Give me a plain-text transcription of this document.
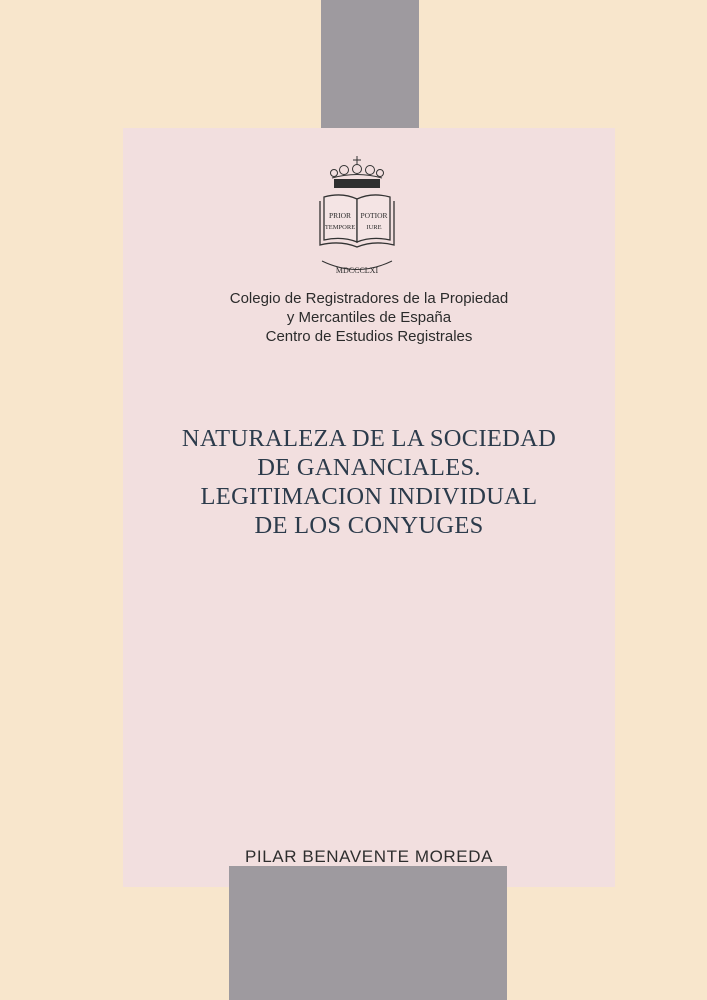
PRIOR
TEMPORE
POTIOR
IURE
MDCCCLXI
Colegio de Registradores de la Propiedad
y Mercantiles de España
Centro de Estudios Registrales
NATURALEZA DE LA SOCIEDAD
DE GANANCIALES.
LEGITIMACION INDIVIDUAL
DE LOS CONYUGES
PILAR BENAVENTE MOREDA
